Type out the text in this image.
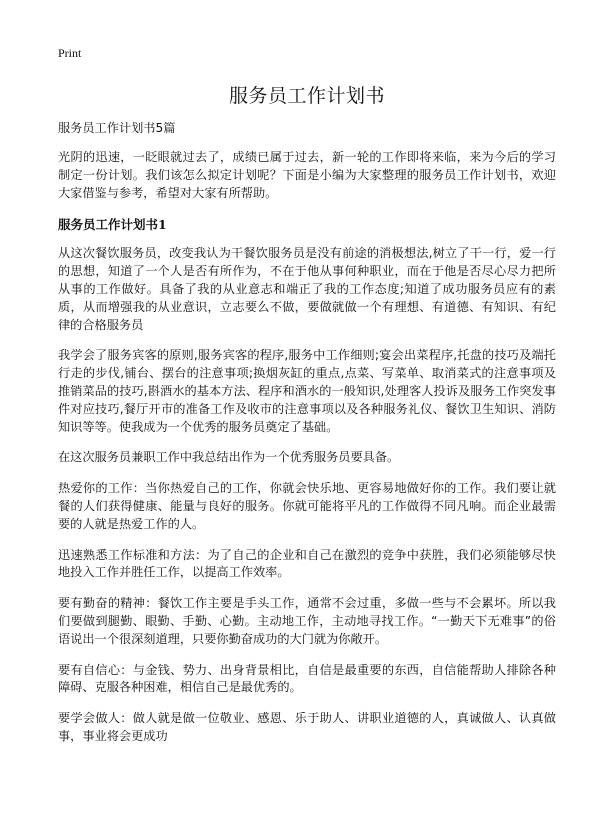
Print
服务员工作计划书
服务员工作计划书5篇

光阴的迅速，一眨眼就过去了，成绩已属于过去，新一轮的工作即将来临，来为今后的学习制定一份计划。我们该怎么拟定计划呢？下面是小编为大家整理的服务员工作计划书，欢迎大家借鉴与参考，希望对大家有所帮助。

服务员工作计划书1

从这次餐饮服务员，改变我认为干餐饮服务员是没有前途的消极想法,树立了干一行，爱一行的思想，知道了一个人是否有所作为，不在于他从事何种职业，而在于他是否尽心尽力把所从事的工作做好。具备了我的从业意志和端正了我的工作态度;知道了成功服务员应有的素质，从而增强我的从业意识，立志要么不做，要做就做一个有理想、有道德、有知识、有纪律的合格服务员

我学会了服务宾客的原则,服务宾客的程序,服务中工作细则;宴会出菜程序,托盘的技巧及端托行走的步伐,铺台、摆台的注意事项;换烟灰缸的重点,点菜、写菜单、取消菜式的注意事项及推销菜品的技巧,斟酒水的基本方法、程序和酒水的一般知识,处理客人投诉及服务工作突发事件对应技巧,餐厅开市的准备工作及收市的注意事项以及各种服务礼仪、餐饮卫生知识、消防知识等等。使我成为一个优秀的服务员奠定了基础。

在这次服务员兼职工作中我总结出作为一个优秀服务员要具备。

热爱你的工作：当你热爱自己的工作，你就会快乐地、更容易地做好你的工作。我们要让就餐的人们获得健康、能量与良好的服务。你就可能将平凡的工作做得不同凡响。而企业最需要的人就是热爱工作的人。

迅速熟悉工作标准和方法：为了自己的企业和自己在激烈的竞争中获胜，我们必须能够尽快地投入工作并胜任工作，以提高工作效率。

要有勤奋的精神：餐饮工作主要是手头工作，通常不会过重，多做一些与不会累坏。所以我们要做到腿勤、眼勤、手勤、心勤。主动地工作，主动地寻找工作。“一勤天下无难事”的俗语说出一个很深刻道理，只要你勤奋成功的大门就为你敞开。

要有自信心：与金钱、势力、出身背景相比，自信是最重要的东西，自信能帮助人排除各种障碍、克服各种困难，相信自己是最优秀的。

要学会做人：做人就是做一位敬业、感恩、乐于助人、讲职业道德的人，真诚做人、认真做事，事业将会更成功
